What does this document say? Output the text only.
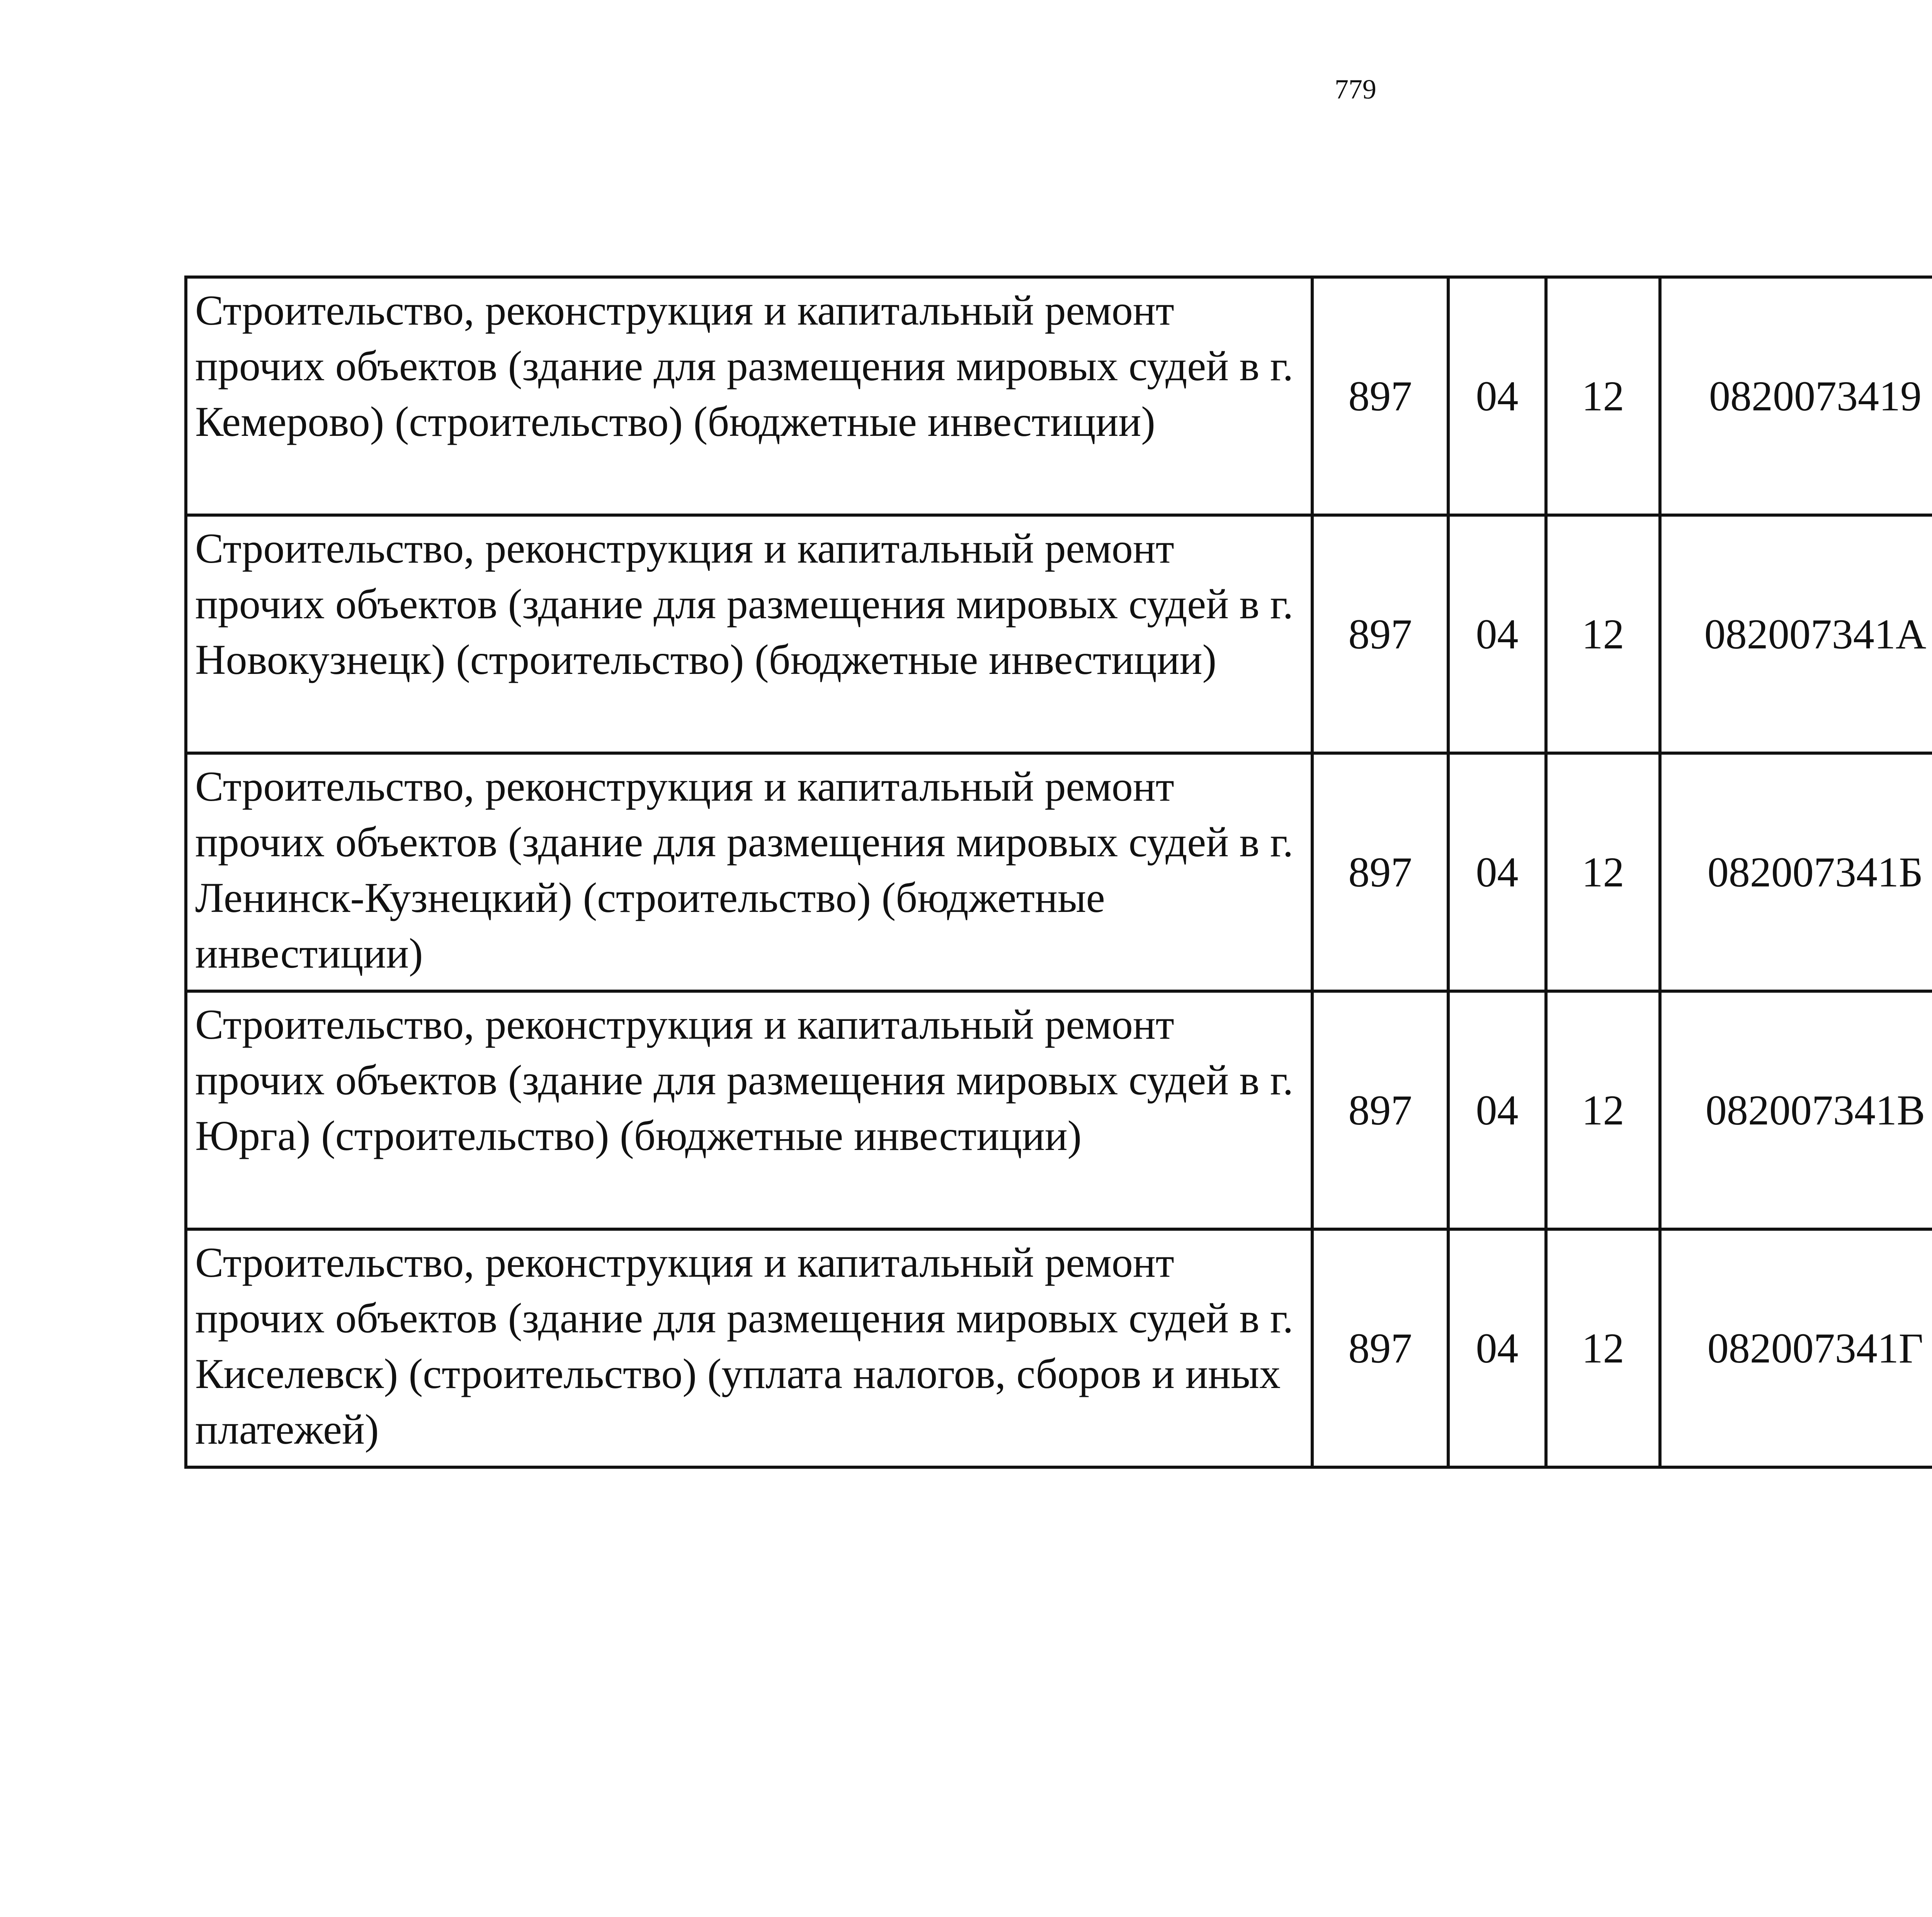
779
Строительство, реконструкция и капитальный ремонт прочих объектов (здание для размещения мировых судей в г. Кемерово) (строительство) (бюджетные инвестиции)	897	04	12	0820073419		
Строительство, реконструкция и капитальный ремонт прочих объектов (здание для размещения мировых судей в г. Новокузнецк) (строительство) (бюджетные инвестиции)	897	04	12	082007341А		
Строительство, реконструкция и капитальный ремонт прочих объектов (здание для размещения мировых судей в г. Ленинск-Кузнецкий) (строительство) (бюджетные инвестиции)	897	04	12	082007341Б		
Строительство, реконструкция и капитальный ремонт прочих объектов (здание для размещения мировых судей в г. Юрга) (строительство) (бюджетные инвестиции)	897	04	12	082007341В		
Строительство, реконструкция и капитальный ремонт прочих объектов (здание для размещения мировых судей в г. Киселевск) (строительство) (уплата налогов, сборов и иных платежей)	897	04	12	082007341Г		
